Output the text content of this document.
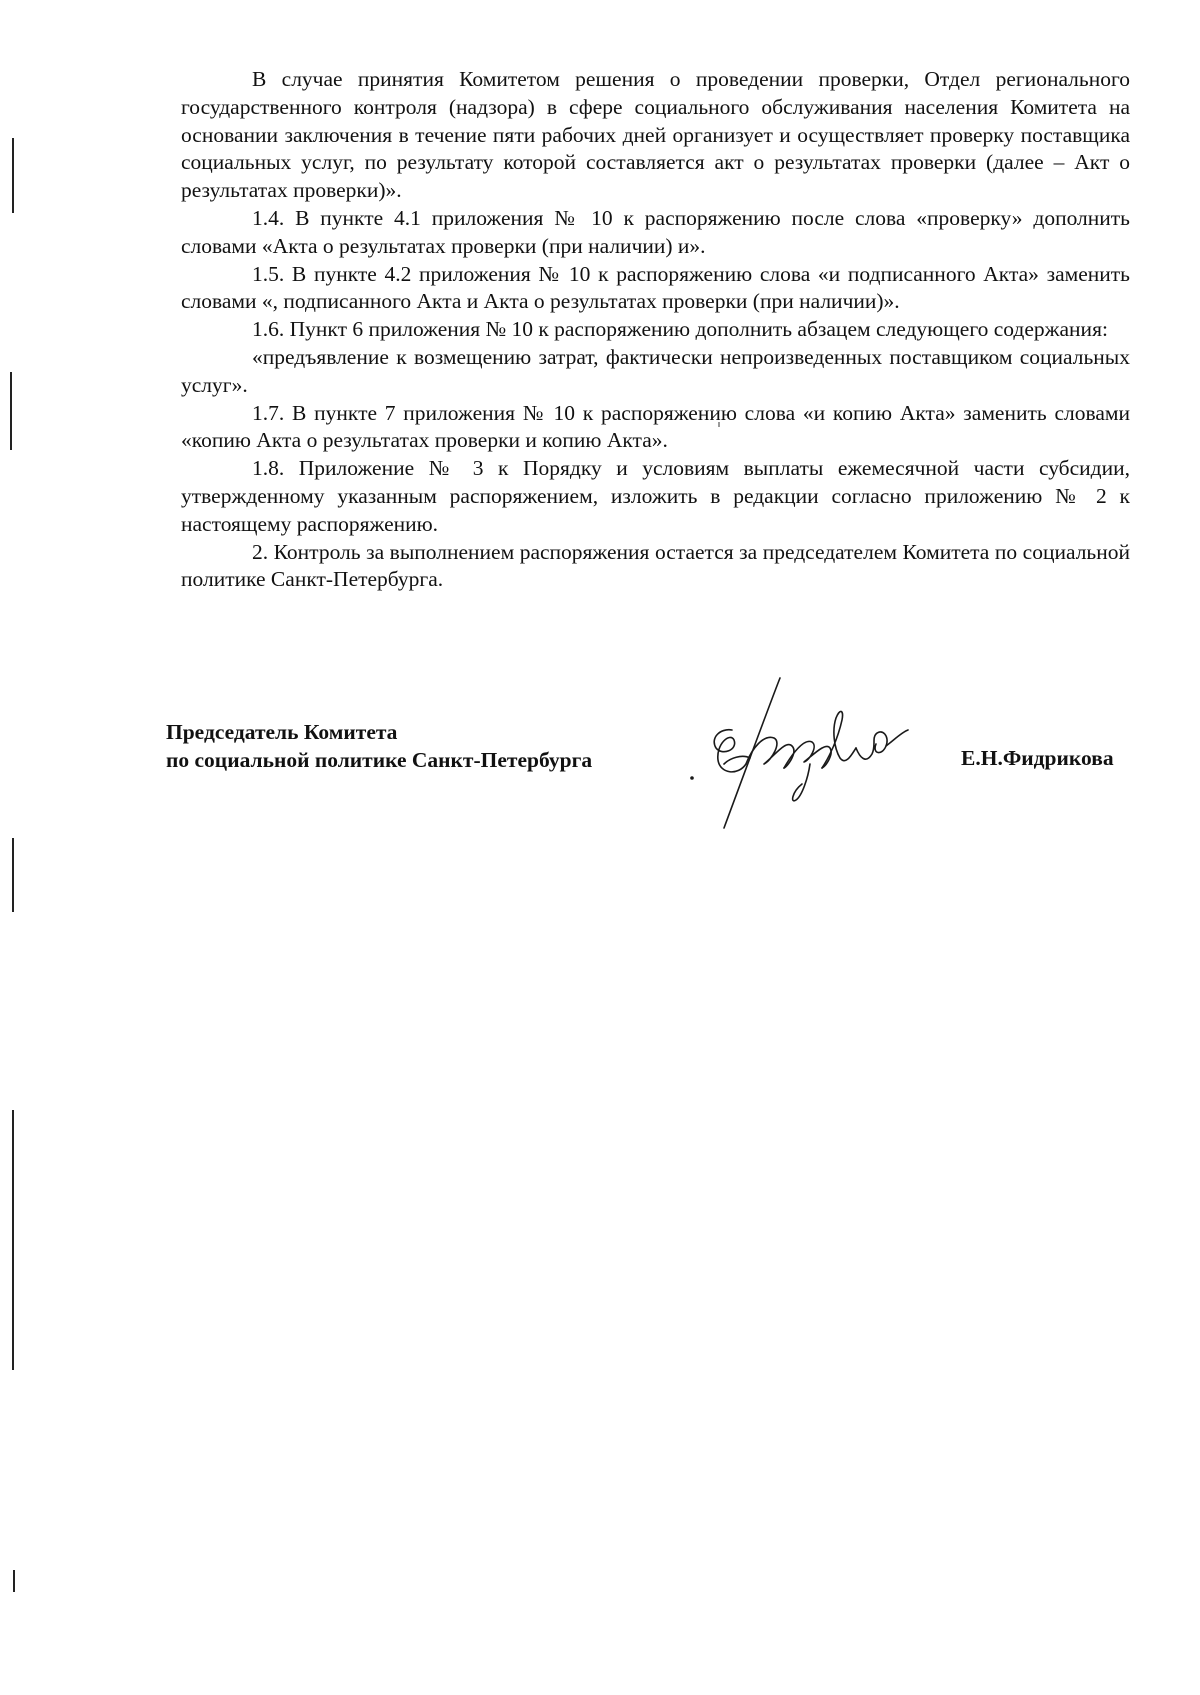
В случае принятия Комитетом решения о проведении проверки, Отдел регионального государственного контроля (надзора) в сфере социального обслуживания населения Комитета на основании заключения в течение пяти рабочих дней организует и осуществляет проверку поставщика социальных услуг, по результату которой составляется акт о результатах проверки (далее – Акт о результатах проверки)».

1.4. В пункте 4.1 приложения № 10 к распоряжению после слова «проверку» дополнить словами «Акта о результатах проверки (при наличии) и».

1.5. В пункте 4.2 приложения № 10 к распоряжению слова «и подписанного Акта» заменить словами «, подписанного Акта и Акта о результатах проверки (при наличии)».

1.6. Пункт 6 приложения № 10 к распоряжению дополнить абзацем следующего содержания:

«предъявление к возмещению затрат, фактически непроизведенных поставщиком социальных услуг».

1.7. В пункте 7 приложения № 10 к распоряжению слова «и копию Акта» заменить словами «копию Акта о результатах проверки и копию Акта».

1.8. Приложение № 3 к Порядку и условиям выплаты ежемесячной части субсидии, утвержденному указанным распоряжением, изложить в редакции согласно приложению № 2 к настоящему распоряжению.

2. Контроль за выполнением распоряжения остается за председателем Комитета по социальной политике Санкт-Петербурга.

Председатель Комитета
по социальной политике Санкт-Петербурга	Е.Н.Фидрикова
